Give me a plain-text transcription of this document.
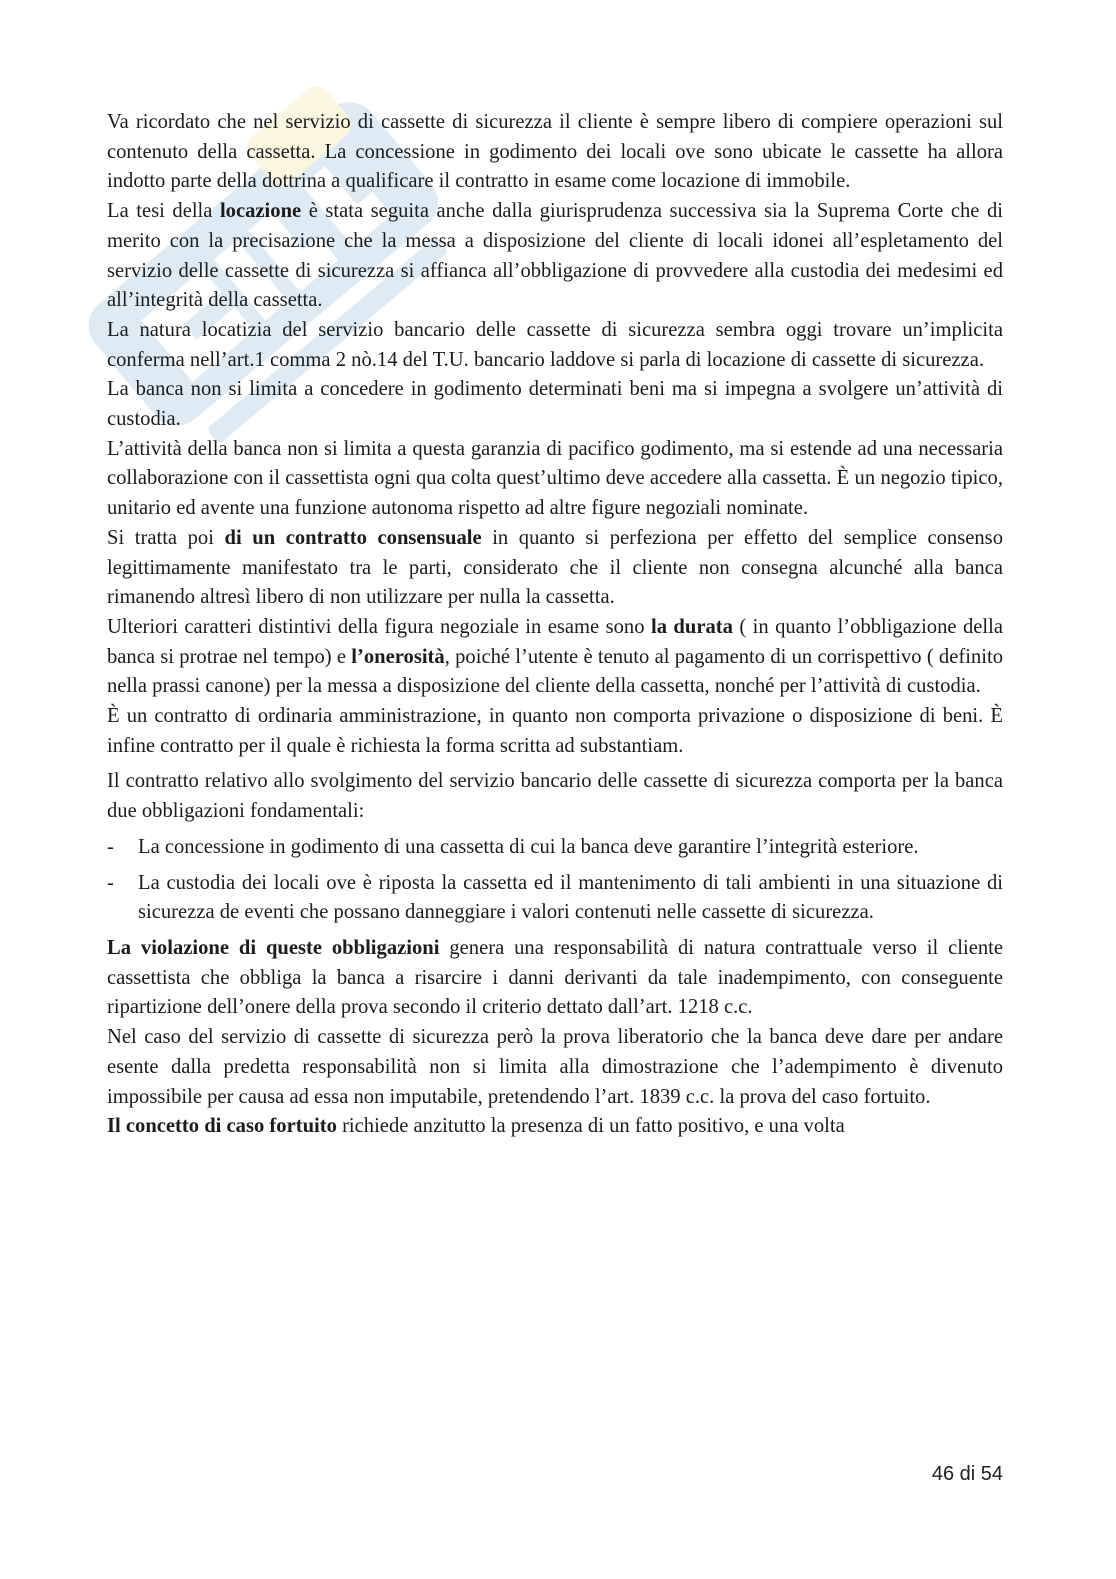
Va ricordato che nel servizio di cassette di sicurezza il cliente è sempre libero di compiere operazioni sul contenuto della cassetta. La concessione in godimento dei locali ove sono ubicate le cassette ha allora indotto parte della dottrina a qualificare il contratto in esame come locazione di immobile.

La tesi della locazione è stata seguita anche dalla giurisprudenza successiva sia la Suprema Corte che di merito con la precisazione che la messa a disposizione del cliente di locali idonei all’espletamento del servizio delle cassette di sicurezza si affianca all’obbligazione di provvedere alla custodia dei medesimi ed all’integrità della cassetta.

La natura locatizia del servizio bancario delle cassette di sicurezza sembra oggi trovare un’implicita conferma nell’art.1 comma 2 nò.14 del T.U. bancario laddove si parla di locazione di cassette di sicurezza.

La banca non si limita a concedere in godimento determinati beni ma si impegna a svolgere un’attività di custodia.

L’attività della banca non si limita a questa garanzia di pacifico godimento, ma si estende ad una necessaria collaborazione con il cassettista ogni qua colta quest’ultimo deve accedere alla cassetta. È un negozio tipico, unitario ed avente una funzione autonoma rispetto ad altre figure negoziali nominate.

Si tratta poi di un contratto consensuale in quanto si perfeziona per effetto del semplice consenso legittimamente manifestato tra le parti, considerato che il cliente non consegna alcunché alla banca rimanendo altresì libero di non utilizzare per nulla la cassetta.

Ulteriori caratteri distintivi della figura negoziale in esame sono la durata ( in quanto l’obbligazione della banca si protrae nel tempo) e l’onerosità, poiché l’utente è tenuto al pagamento di un corrispettivo ( definito nella prassi canone) per la messa a disposizione del cliente della cassetta, nonché per l’attività di custodia.

È un contratto di ordinaria amministrazione, in quanto non comporta privazione o disposizione di beni. È infine contratto per il quale è richiesta la forma scritta ad substantiam.

Il contratto relativo allo svolgimento del servizio bancario delle cassette di sicurezza comporta per la banca due obbligazioni fondamentali:

- La concessione in godimento di una cassetta di cui la banca deve garantire l’integrità esteriore.
- La custodia dei locali ove è riposta la cassetta ed il mantenimento di tali ambienti in una situazione di sicurezza de eventi che possano danneggiare i valori contenuti nelle cassette di sicurezza.

La violazione di queste obbligazioni genera una responsabilità di natura contrattuale verso il cliente cassettista che obbliga la banca a risarcire i danni derivanti da tale inadempimento, con conseguente ripartizione dell’onere della prova secondo il criterio dettato dall’art. 1218 c.c.

Nel caso del servizio di cassette di sicurezza però la prova liberatorio che la banca deve dare per andare esente dalla predetta responsabilità non si limita alla dimostrazione che l’adempimento è divenuto impossibile per causa ad essa non imputabile, pretendendo l’art. 1839 c.c. la prova del caso fortuito.

Il concetto di caso fortuito richiede anzitutto la presenza di un fatto positivo, e una volta

46 di 54
